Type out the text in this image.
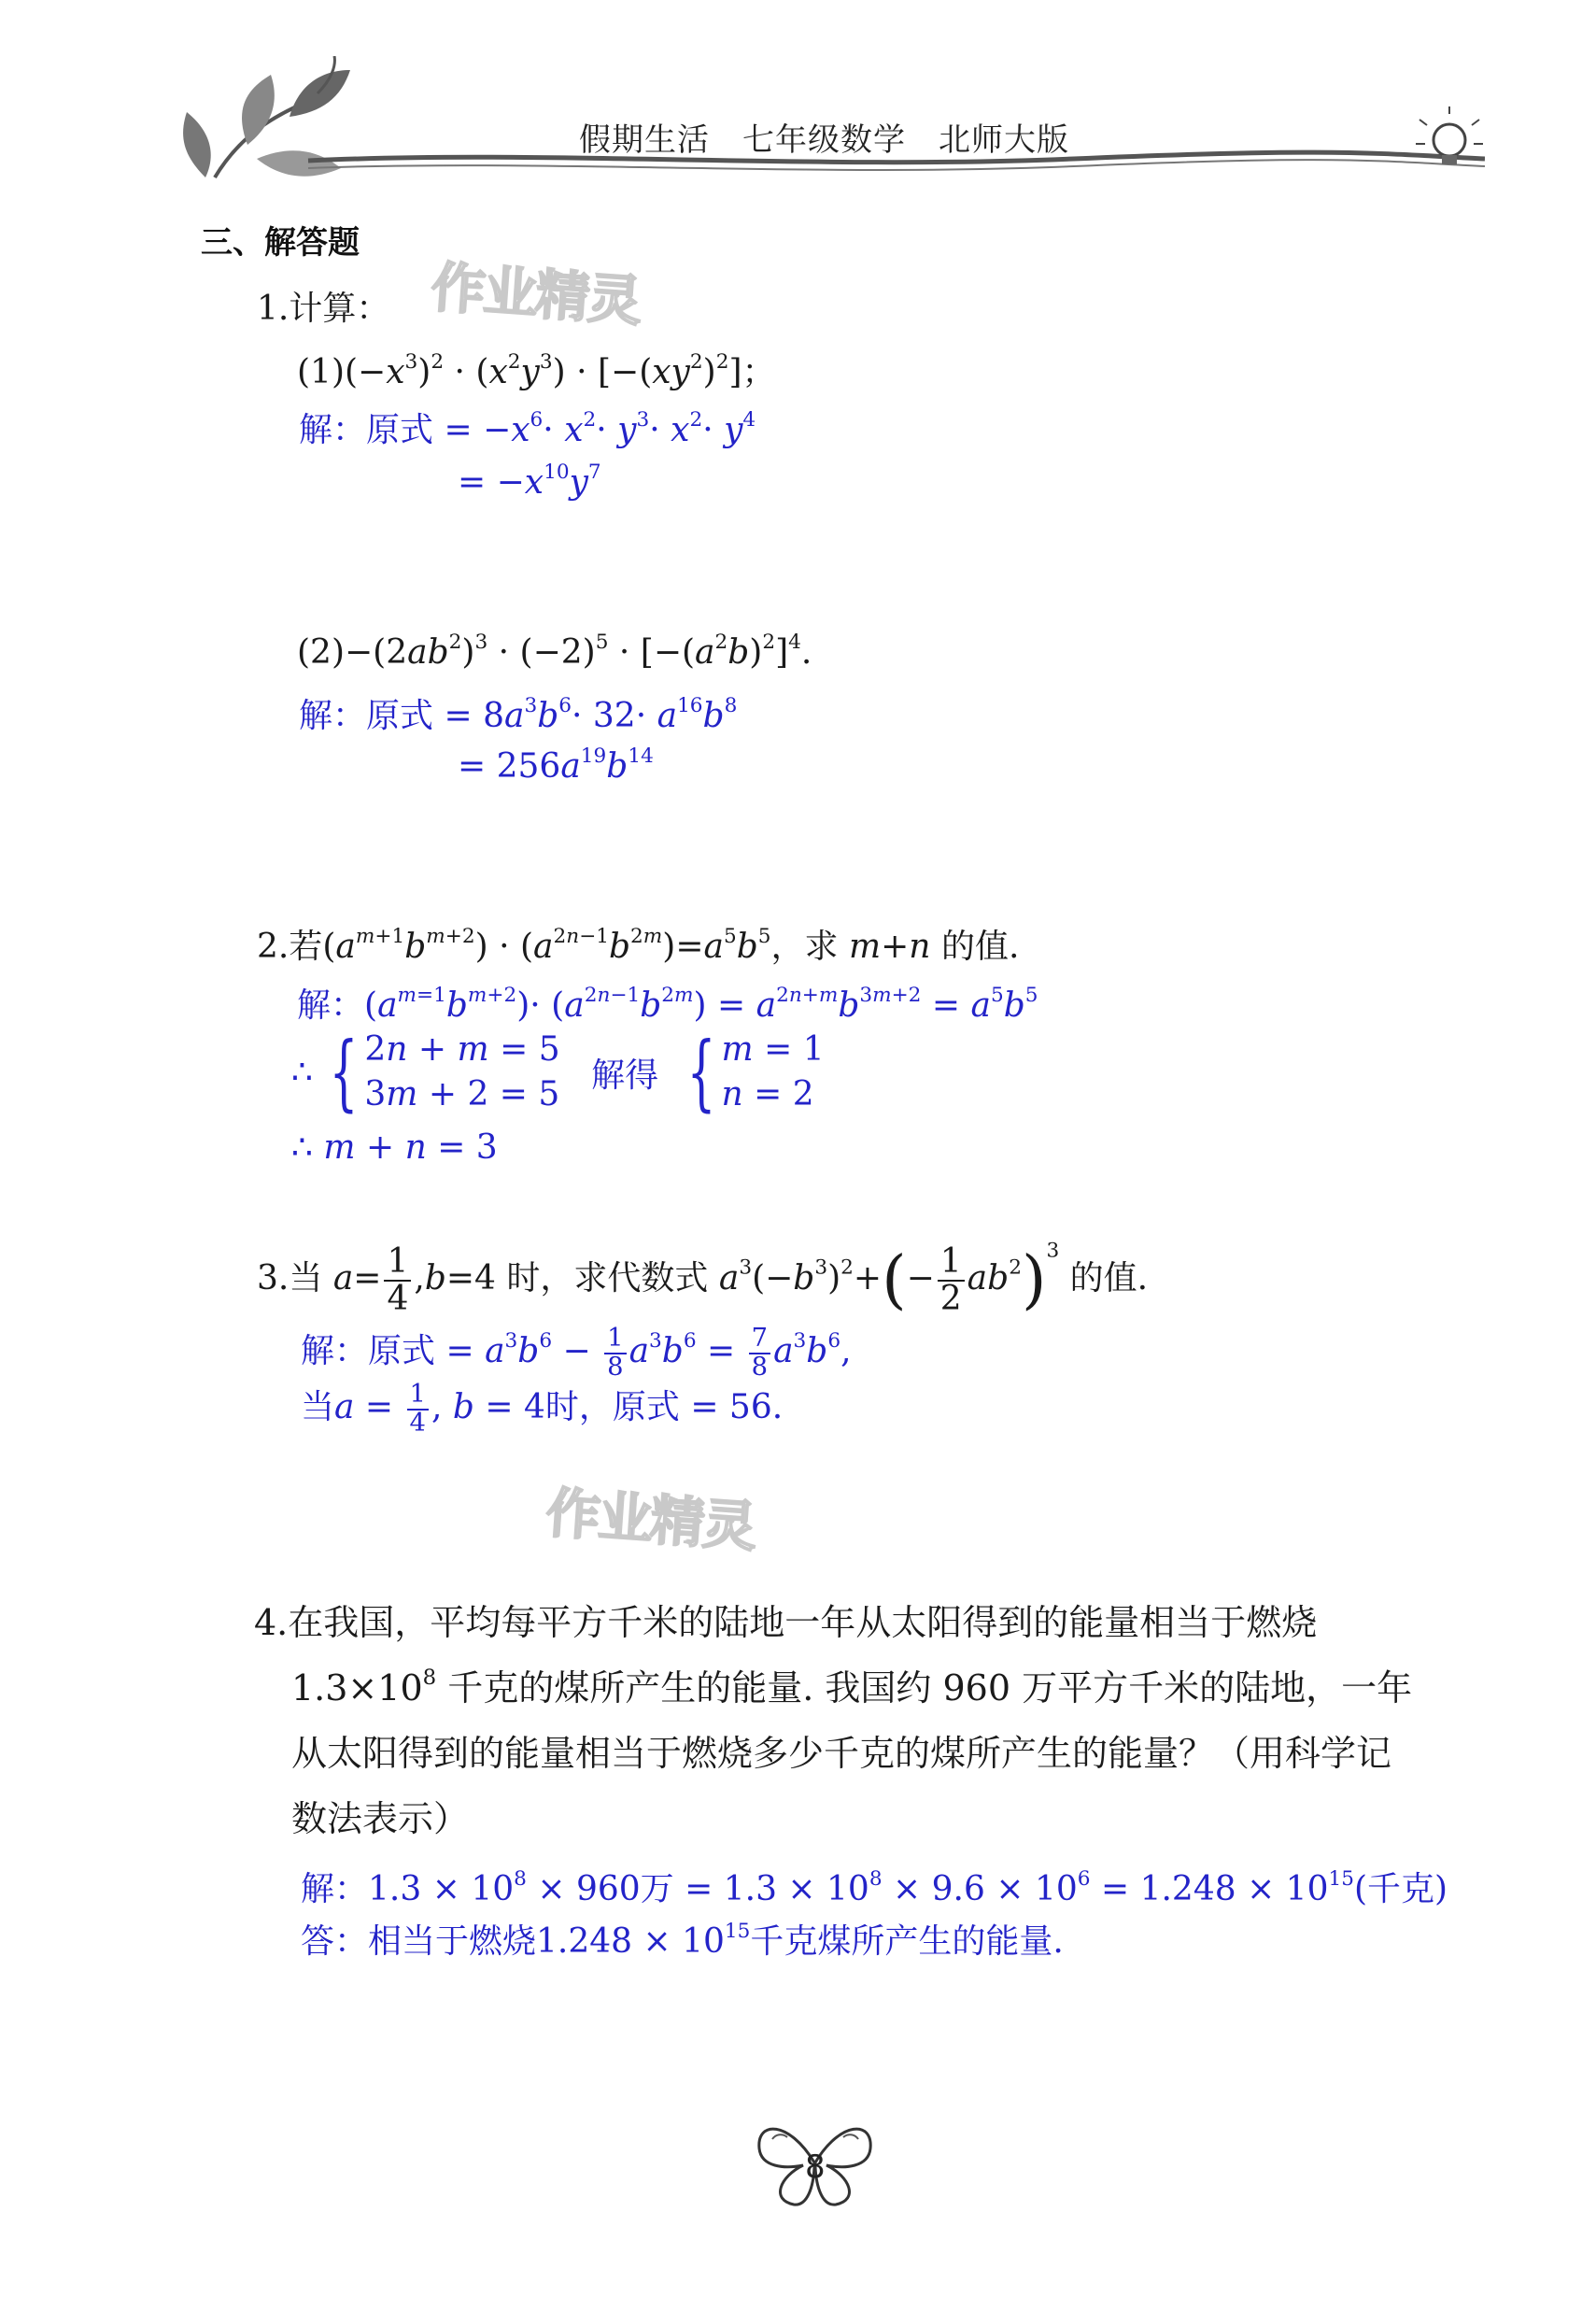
假期生活　七年级数学　北师大版
三、解答题
作业精灵
作业精灵
1.计算：
$(1)(-x^3)^2 \cdot (x^2y^3) \cdot [-(xy^2)^2]$；
解：原式 = $-x^6\cdot x^2\cdot y^3\cdot x^2\cdot y^4$
= $-x^{10}y^7$
$(2)-(2ab^2)^3 \cdot (-2)^5 \cdot [-(a^2b)^2]^4$.
解：原式 = $8a^3b^6\cdot 32\cdot a^{16}b^8$
= $256a^{19}b^{14}$
2.若$(a^{m+1}b^{m+2}) \cdot (a^{2n-1}b^{2m})=a^5b^5$，求 m+n 的值.
解：$(a^{m=1}b^{m+2})\cdot (a^{2n-1}b^{2m}) = a^{2n+m}b^{3m+2} = a^5b^5$
∴ { 2n + m = 5
3m + 2 = 5 解得 { m = 1
n = 2
∴ m + n = 3
3.当 $a= \frac{1}{4} ,b=4$ 时，求代数式 $a^3(-b^3)^2+(- \frac{1}{2} ab^2)^3$ 的值.
解：原式 = $a^3b^6 - \frac{1}{8} a^3b^6 = \frac{7}{8} a^3b^6$,
当$a = \frac{1}{4}$ , b = 4时，原式 = 56.
4.在我国，平均每平方千米的陆地一年从太阳得到的能量相当于燃烧
$1.3\times 10^8$ 千克的煤所产生的能量. 我国约 960 万平方千米的陆地，一年
从太阳得到的能量相当于燃烧多少千克的煤所产生的能量？（用科学记
数法表示）
解：$1.3 \times 10^8 \times 960$万 = $1.3 \times 10^8 \times 9.6 \times 10^6 = 1.248 \times 10^{15}$(千克)
答：相当于燃烧$1.248 \times 10^{15}$千克煤所产生的能量.
8
